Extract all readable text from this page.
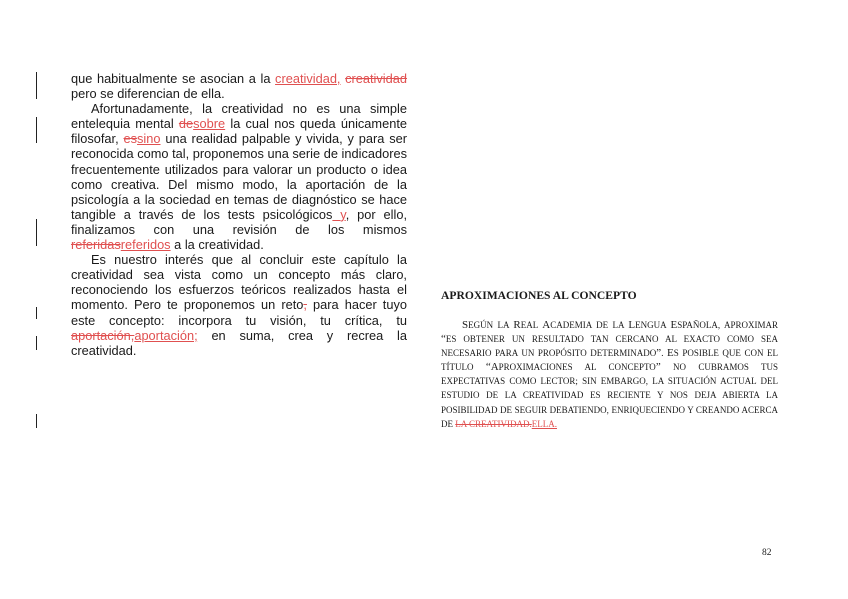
que habitualmente se asocian a la creatividad, creatividad pero se diferencian de ella.

Afortunadamente, la creatividad no es una simple entelequia mental desobre la cual nos queda únicamente filosofar, essino una realidad palpable y vivida, y para ser reconocida como tal, proponemos una serie de indicadores frecuentemente utilizados para valorar un producto o idea como creativa. Del mismo modo, la aportación de la psicología a la sociedad en temas de diagnóstico se hace tangible a través de los tests psicológicos y, por ello, finalizamos con una revisión de los mismos referidasreferidos a la creatividad.

Es nuestro interés que al concluir este capítulo la creatividad sea vista como un concepto más claro, reconociendo los esfuerzos teóricos realizados hasta el momento. Pero te proponemos un reto, para hacer tuyo este concepto: incorpora tu visión, tu crítica, tu aportación,aportación; en suma, crea y recrea la creatividad.

APROXIMACIONES AL CONCEPTO
SEGÚN LA REAL ACADEMIA DE LA LENGUA ESPAÑOLA, APROXIMAR “ES OBTENER UN RESULTADO TAN CERCANO AL EXACTO COMO SEA NECESARIO PARA UN PROPÓSITO DETERMINADO”. ES POSIBLE QUE CON EL TÍTULO “APROXIMACIONES AL CONCEPTO” NO CUBRAMOS TUS EXPECTATIVAS COMO LECTOR; SIN EMBARGO, LA SITUACIÓN ACTUAL DEL ESTUDIO DE LA CREATIVIDAD ES RECIENTE Y NOS DEJA ABIERTA LA POSIBILIDAD DE SEGUIR DEBATIENDO, ENRIQUECIENDO Y CREANDO ACERCA DE LA CREATIVIDAD.ELLA.
82
